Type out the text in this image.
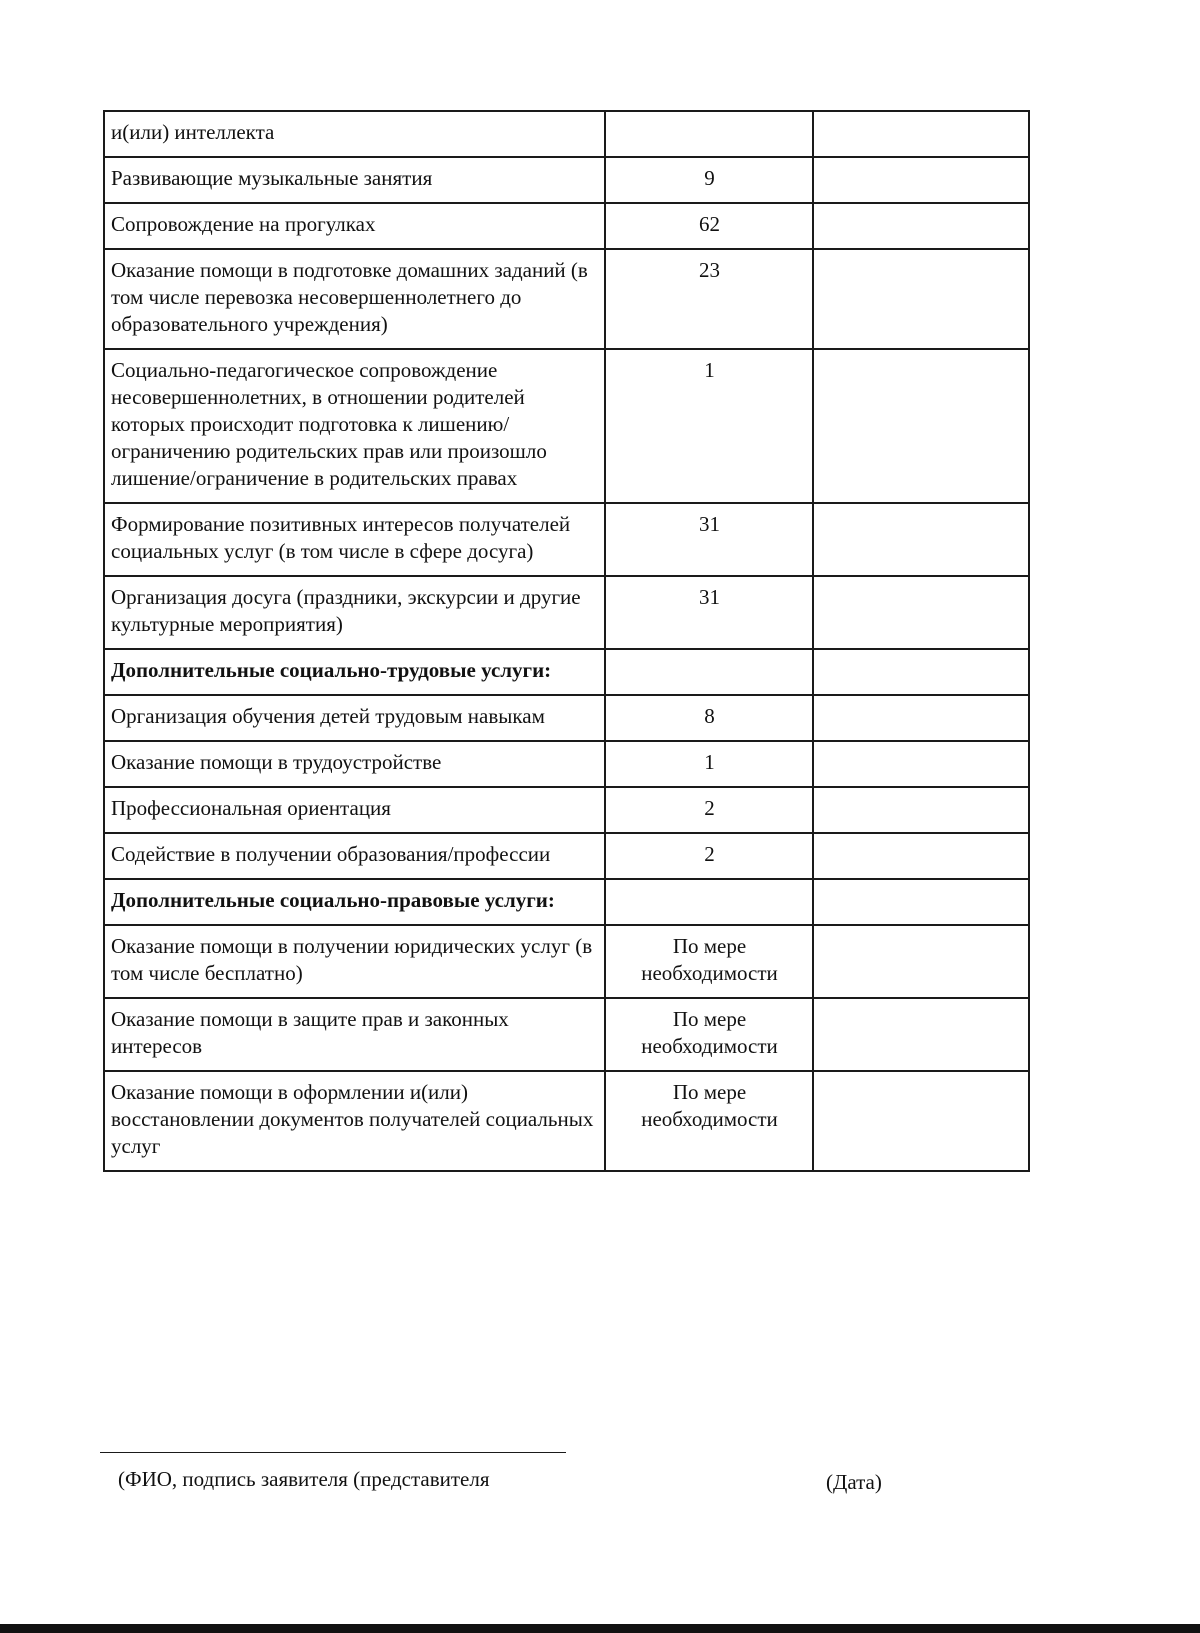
и(или) интеллекта		
Развивающие музыкальные занятия	9	
Сопровождение на прогулках	62	
Оказание помощи в подготовке домашних заданий (в том числе перевозка несовершеннолетнего до образовательного учреждения)	23	
Социально-педагогическое сопровождение несовершеннолетних, в отношении родителей которых происходит подготовка к лишению/ограничению родительских прав или произошло лишение/ограничение в родительских правах	1	
Формирование позитивных интересов получателей социальных услуг (в том числе в сфере досуга)	31	
Организация досуга (праздники, экскурсии и другие культурные мероприятия)	31	
Дополнительные социально-трудовые услуги:		
Организация обучения детей трудовым навыкам	8	
Оказание помощи в трудоустройстве	1	
Профессиональная ориентация	2	
Содействие в получении образования/профессии	2	
Дополнительные социально-правовые услуги:		
Оказание помощи в получении юридических услуг (в том числе бесплатно)	По мере необходимости	
Оказание помощи в защите прав и законных интересов	По мере необходимости	
Оказание помощи в оформлении и(или) восстановлении документов получателей социальных услуг	По мере необходимости	
(ФИО, подпись заявителя (представителя	(Дата)
